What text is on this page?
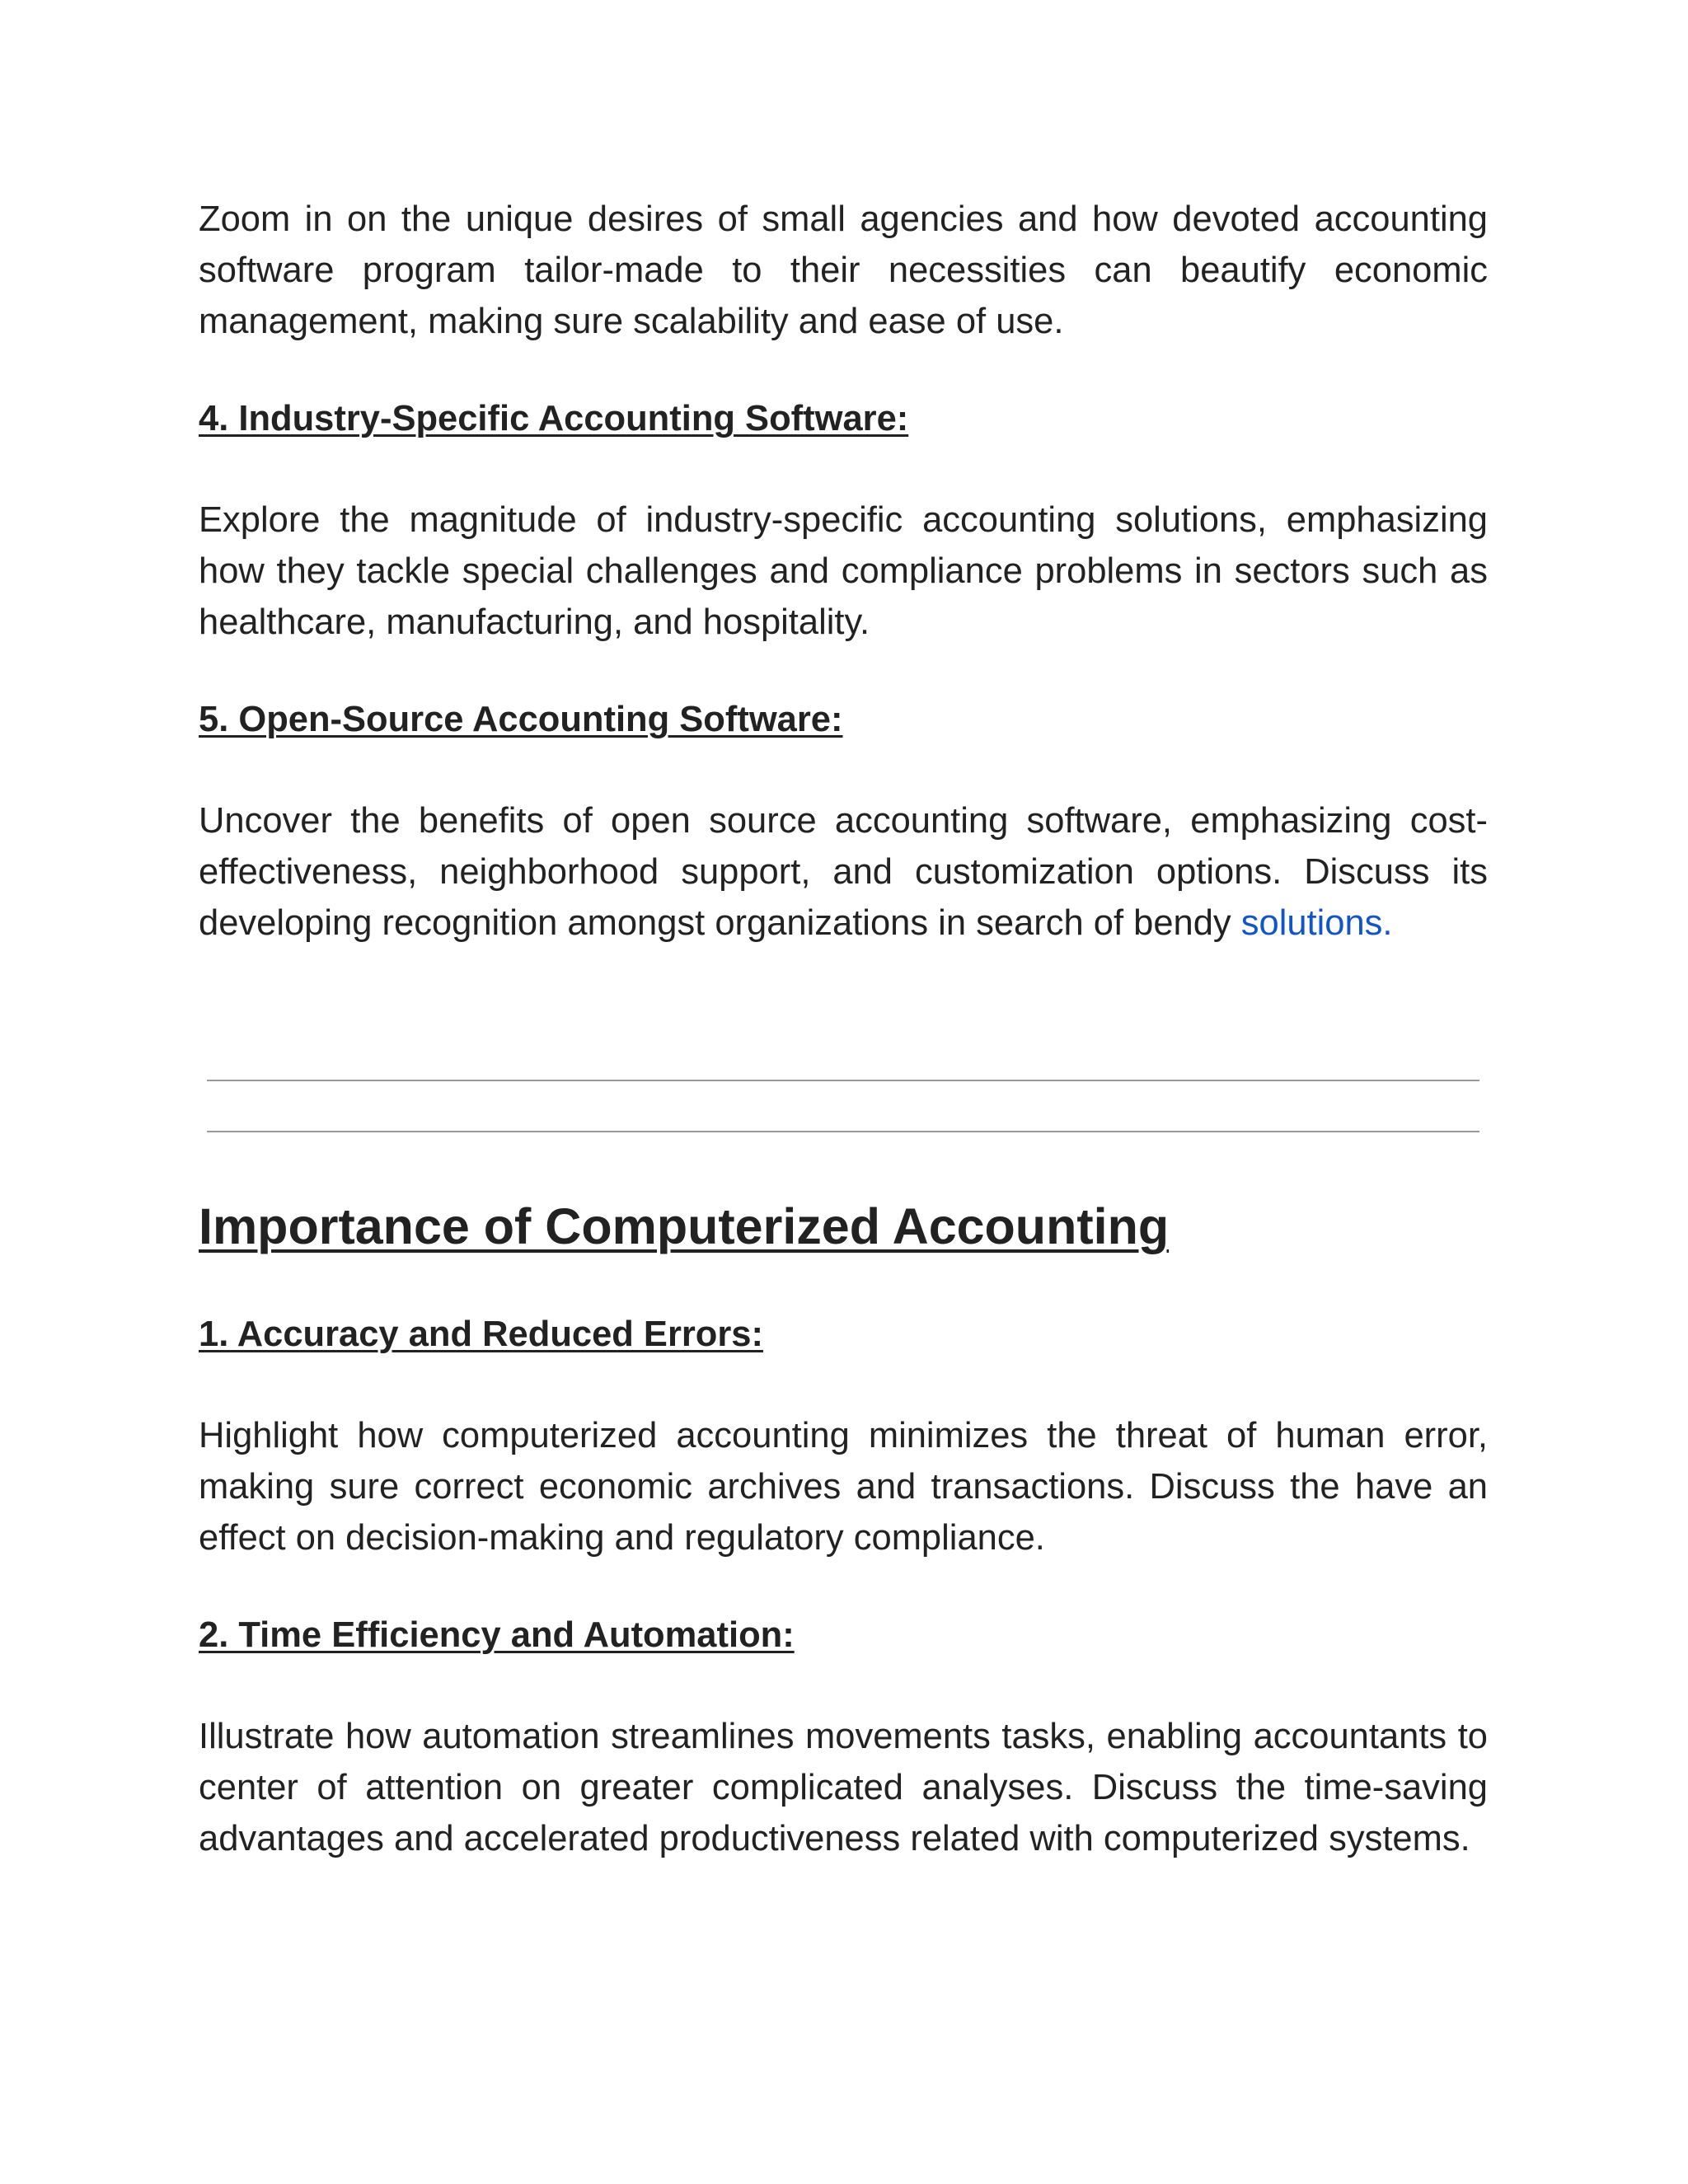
Zoom in on the unique desires of small agencies and how devoted accounting software program tailor-made to their necessities can beautify economic management, making sure scalability and ease of use.

4. Industry-Specific Accounting Software:

Explore the magnitude of industry-specific accounting solutions, emphasizing how they tackle special challenges and compliance problems in sectors such as healthcare, manufacturing, and hospitality.

5. Open-Source Accounting Software:

Uncover the benefits of open source accounting software, emphasizing cost-effectiveness, neighborhood support, and customization options. Discuss its developing recognition amongst organizations in search of bendy solutions.

Importance of Computerized Accounting

1. Accuracy and Reduced Errors:

Highlight how computerized accounting minimizes the threat of human error, making sure correct economic archives and transactions. Discuss the have an effect on decision-making and regulatory compliance.

2. Time Efficiency and Automation:

Illustrate how automation streamlines movements tasks, enabling accountants to center of attention on greater complicated analyses. Discuss the time-saving advantages and accelerated productiveness related with computerized systems.
